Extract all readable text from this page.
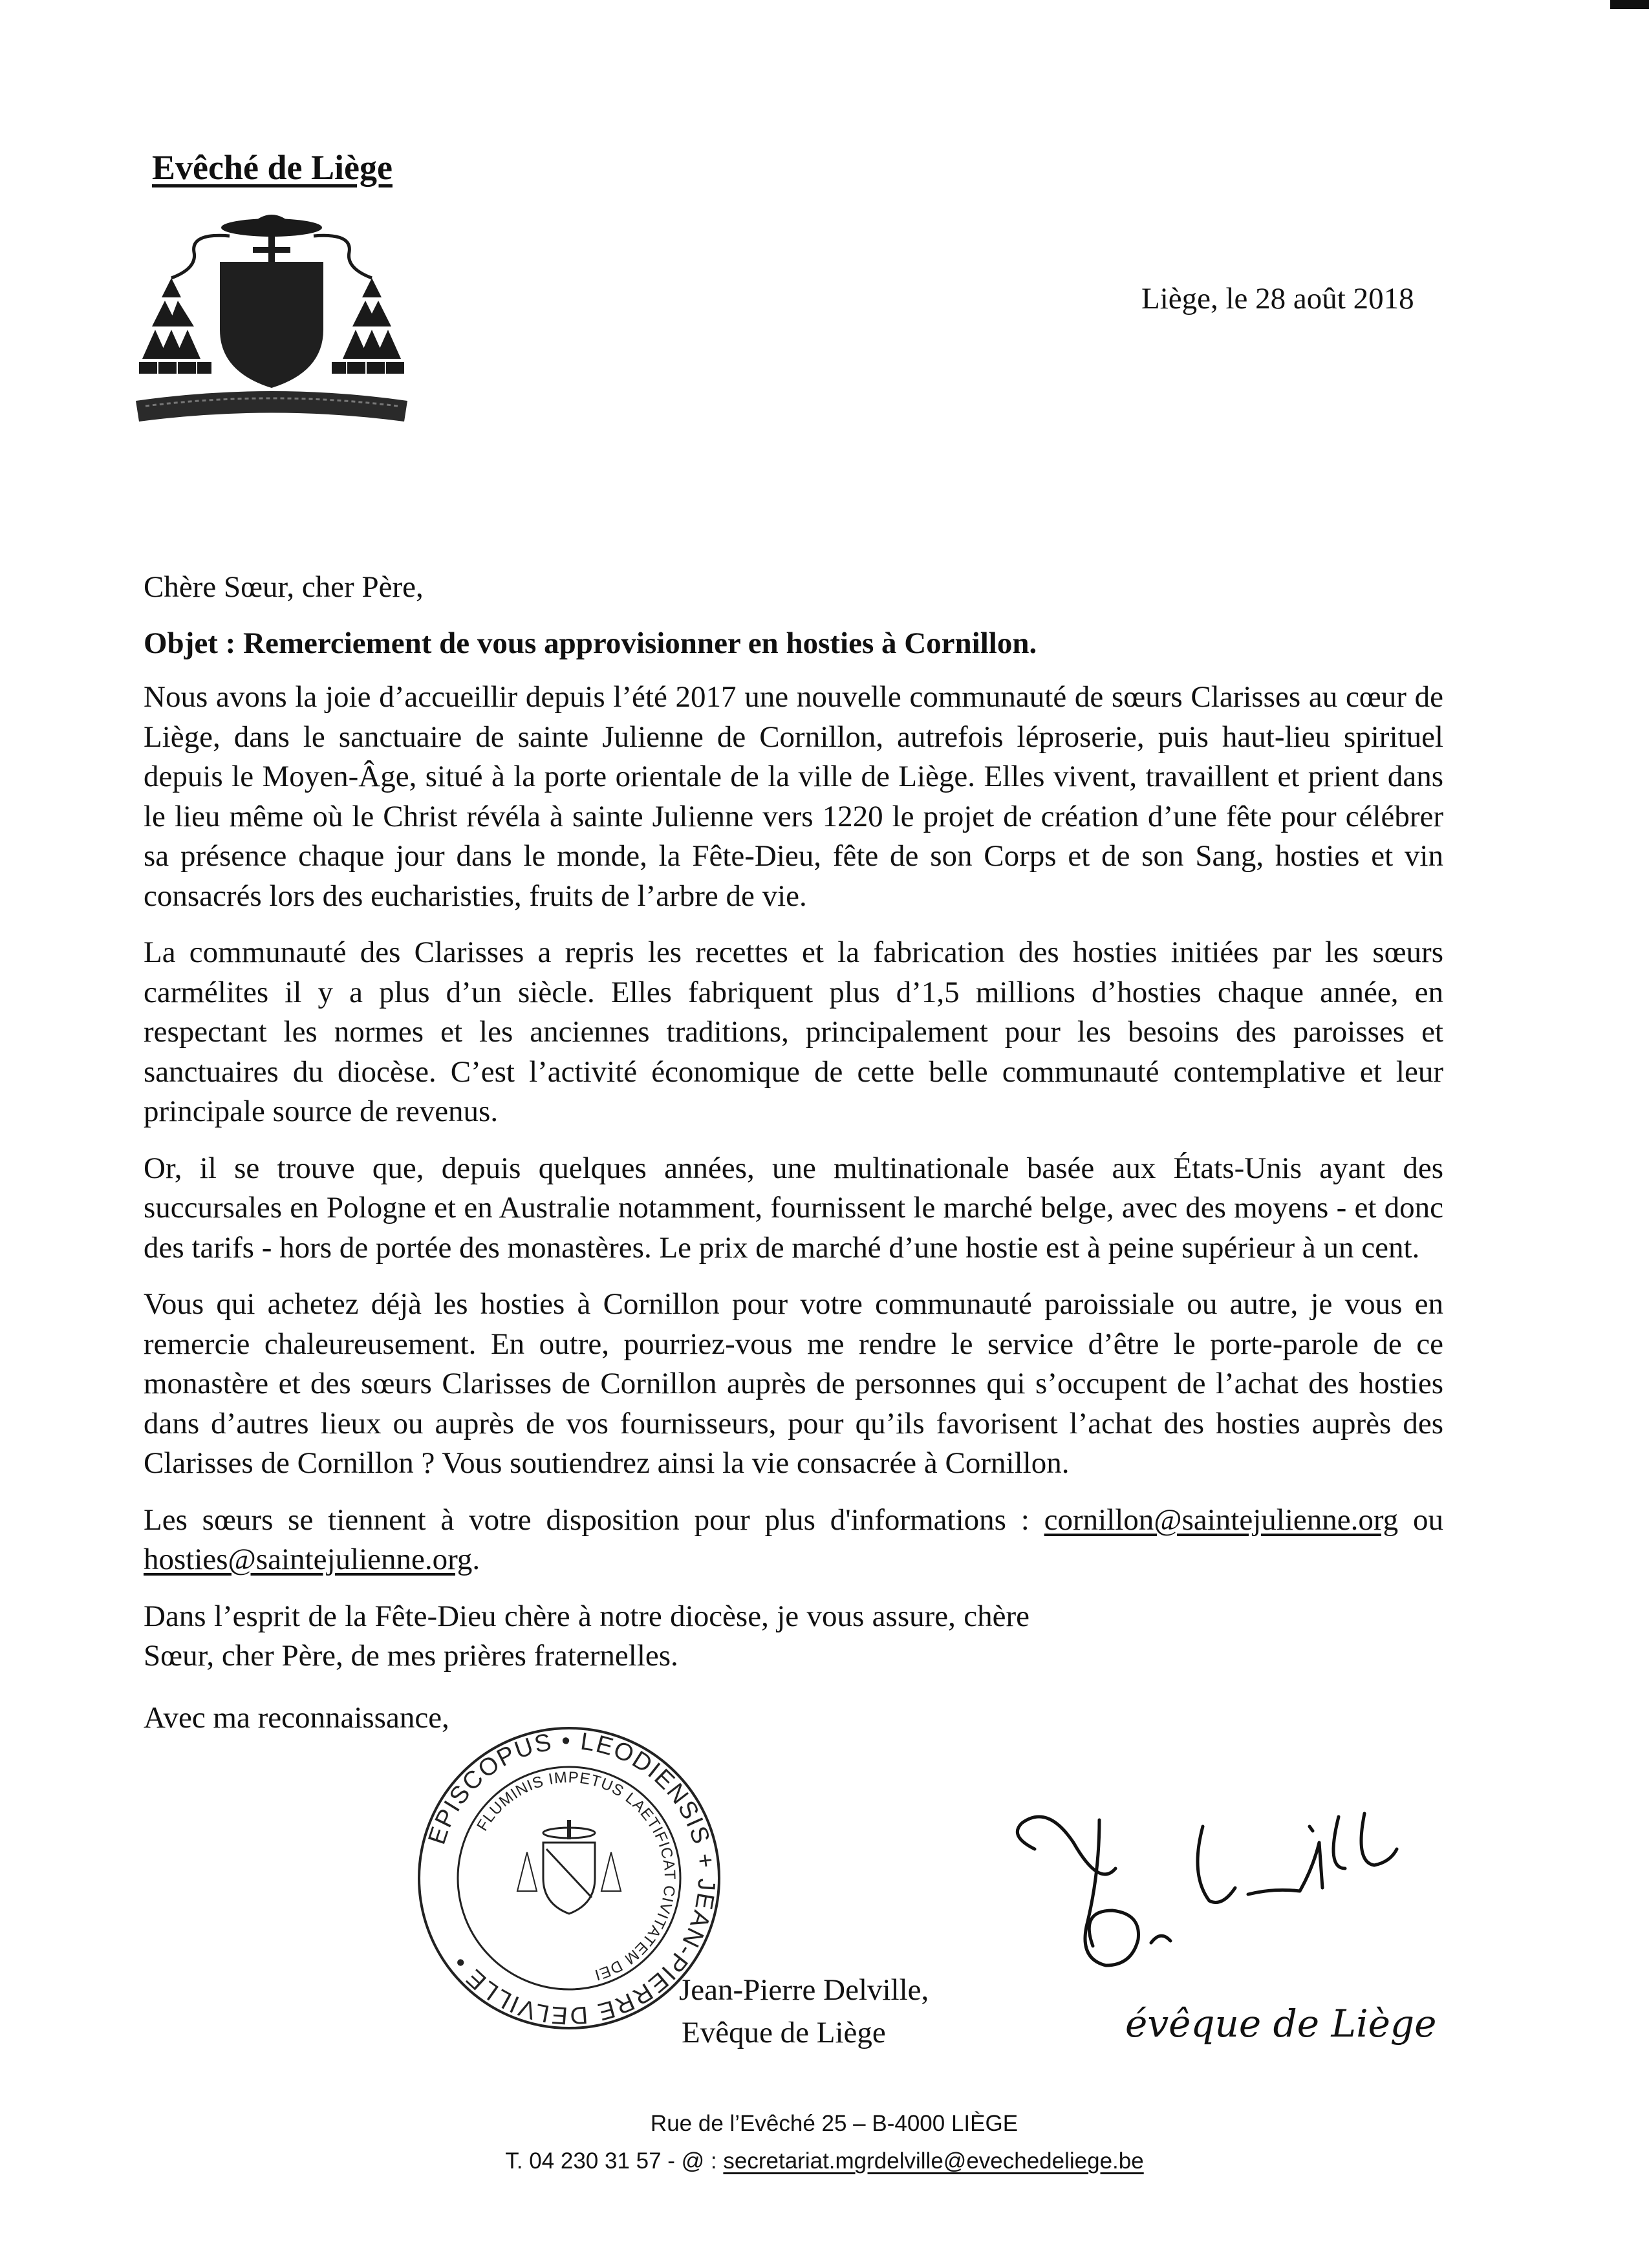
Evêché de Liège
Liège, le 28 août 2018

Chère Sœur, cher Père,

Objet : Remerciement de vous approvisionner en hosties à Cornillon.

Nous avons la joie d’accueillir depuis l’été 2017 une nouvelle communauté de sœurs Clarisses au cœur de Liège, dans le sanctuaire de sainte Julienne de Cornillon, autrefois léproserie, puis haut-lieu spirituel depuis le Moyen-Âge, situé à la porte orientale de la ville de Liège. Elles vivent, travaillent et prient dans le lieu même où le Christ révéla à sainte Julienne vers 1220 le projet de création d’une fête pour célébrer sa présence chaque jour dans le monde, la Fête-Dieu, fête de son Corps et de son Sang, hosties et vin consacrés lors des eucharisties, fruits de l’arbre de vie.

La communauté des Clarisses a repris les recettes et la fabrication des hosties initiées par les sœurs carmélites il y a plus d’un siècle. Elles fabriquent plus d’1,5 millions d’hosties chaque année, en respectant les normes et les anciennes traditions, principalement pour les besoins des paroisses et sanctuaires du diocèse. C’est l’activité économique de cette belle communauté contemplative et leur principale source de revenus.

Or, il se trouve que, depuis quelques années, une multinationale basée aux États-Unis ayant des succursales en Pologne et en Australie notamment, fournissent le marché belge, avec des moyens - et donc des tarifs - hors de portée des monastères. Le prix de marché d’une hostie est à peine supérieur à un cent.

Vous qui achetez déjà les hosties à Cornillon pour votre communauté paroissiale ou autre, je vous en remercie chaleureusement. En outre, pourriez-vous me rendre le service d’être le porte-parole de ce monastère et des sœurs Clarisses de Cornillon auprès de personnes qui s’occupent de l’achat des hosties dans d’autres lieux ou auprès de vos fournisseurs, pour qu’ils favorisent l’achat des hosties auprès des Clarisses de Cornillon ? Vous soutiendrez ainsi la vie consacrée à Cornillon.

Les sœurs se tiennent à votre disposition pour plus d'informations : cornillon@saintejulienne.org ou hosties@saintejulienne.org.

Dans l’esprit de la Fête-Dieu chère à notre diocèse, je vous assure, chère Sœur, cher Père, de mes prières fraternelles.

Avec ma reconnaissance,

EPISCOPUS • LEODIENSIS + JEAN-PIERRE DELVILLE •
FLUMINIS IMPETUS LAETIFICAT CIVITATEM DEI	Jean-Pierre Delville,
Evêque de Liège	évêque de Liège
Rue de l’Evêché 25 – B-4000 LIÈGE
T. 04 230 31 57 - @ : secretariat.mgrdelville@evechedeliege.be
